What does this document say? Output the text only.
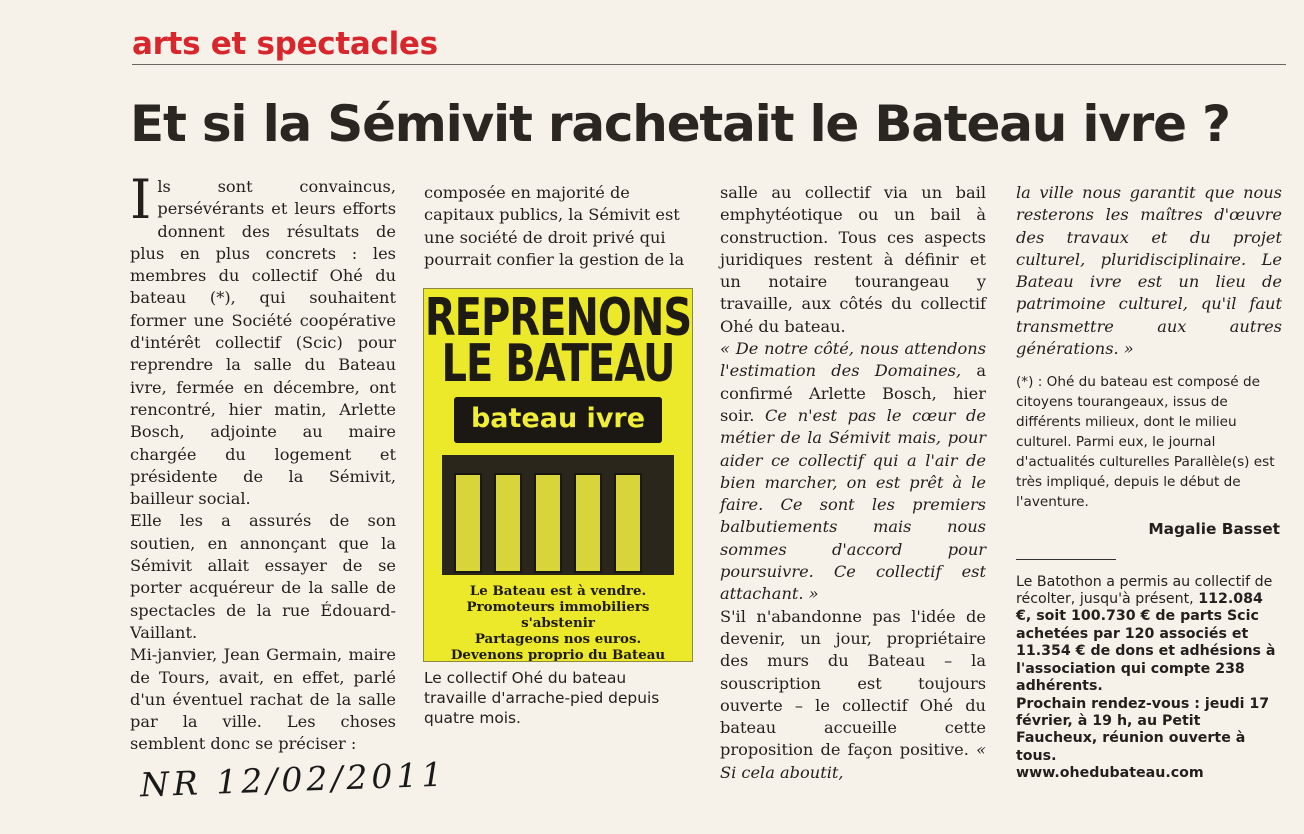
arts et spectacles
Et si la Sémivit rachetait le Bateau ivre ?
I ls sont convaincus, persévérants et leurs efforts donnent des résultats de plus en plus concrets : les membres du collectif Ohé du bateau (*), qui souhaitent former une Société coopérative d'intérêt collectif (Scic) pour reprendre la salle du Bateau ivre, fermée en décembre, ont rencontré, hier matin, Arlette Bosch, adjointe au maire chargée du logement et présidente de la Sémivit, bailleur social.

Elle les a assurés de son soutien, en annonçant que la Sémivit allait essayer de se porter acquéreur de la salle de spectacles de la rue Édouard-Vaillant.

Mi-janvier, Jean Germain, maire de Tours, avait, en effet, parlé d'un éventuel rachat de la salle par la ville. Les choses semblent donc se préciser :

composée en majorité de capitaux publics, la Sémivit est une société de droit privé qui pourrait confier la gestion de la

REPRENONS
LE BATEAU
bateau ivre
Le Bateau est à vendre.
Promoteurs immobiliers s'abstenir
Partageons nos euros.
Devenons proprio du Bateau
Le collectif Ohé du bateau travaille d'arrache-pied depuis quatre mois.

salle au collectif via un bail emphytéotique ou un bail à construction. Tous ces aspects juridiques restent à définir et un notaire tourangeau y travaille, aux côtés du collectif Ohé du bateau.

« De notre côté, nous attendons l'estimation des Domaines, a confirmé Arlette Bosch, hier soir. Ce n'est pas le cœur de métier de la Sémivit mais, pour aider ce collectif qui a l'air de bien marcher, on est prêt à le faire. Ce sont les premiers balbutiements mais nous sommes d'accord pour poursuivre. Ce collectif est attachant. »

S'il n'abandonne pas l'idée de devenir, un jour, propriétaire des murs du Bateau – la souscription est toujours ouverte – le collectif Ohé du bateau accueille cette proposition de façon positive. « Si cela aboutit,

la ville nous garantit que nous resterons les maîtres d'œuvre des travaux et du projet culturel, pluridisciplinaire. Le Bateau ivre est un lieu de patrimoine culturel, qu'il faut transmettre aux autres générations. »

(*) : Ohé du bateau est composé de citoyens tourangeaux, issus de différents milieux, dont le milieu culturel. Parmi eux, le journal d'actualités culturelles Parallèle(s) est très impliqué, depuis le début de l'aventure.
Magalie Basset
Le Batothon a permis au collectif de récolter, jusqu'à présent, 112.084 €, soit 100.730 € de parts Scic achetées par 120 associés et 11.354 € de dons et adhésions à l'association qui compte 238 adhérents.
Prochain rendez-vous : jeudi 17 février, à 19 h, au Petit Faucheux, réunion ouverte à tous.
www.ohedubateau.com
NR 12/02/2011
